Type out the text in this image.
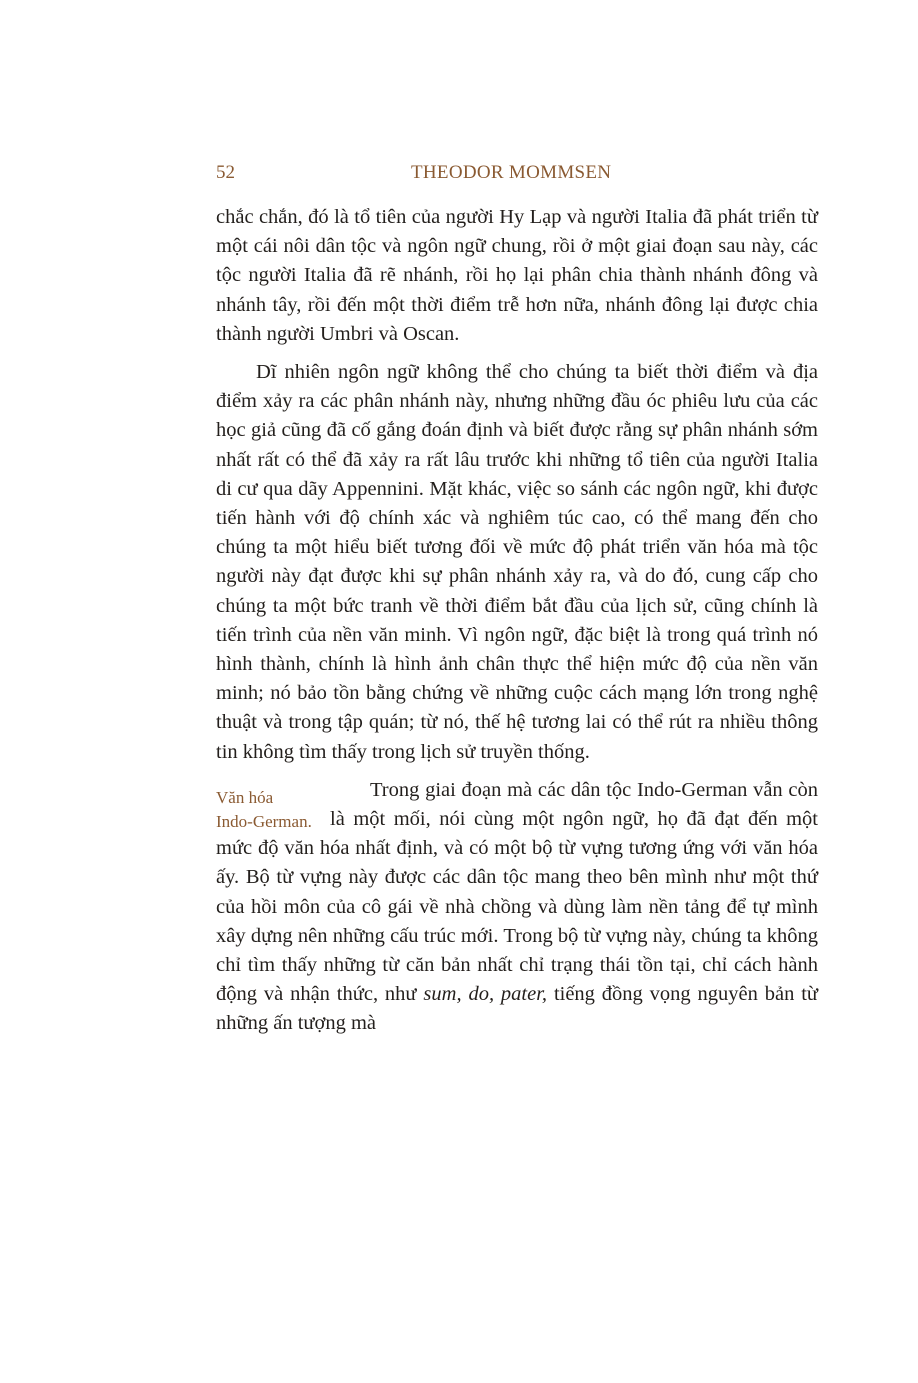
52	THEODOR MOMMSEN

chắc chắn, đó là tổ tiên của người Hy Lạp và người Italia đã phát triển từ một cái nôi dân tộc và ngôn ngữ chung, rồi ở một giai đoạn sau này, các tộc người Italia đã rẽ nhánh, rồi họ lại phân chia thành nhánh đông và nhánh tây, rồi đến một thời điểm trễ hơn nữa, nhánh đông lại được chia thành người Umbri và Oscan.

Dĩ nhiên ngôn ngữ không thể cho chúng ta biết thời điểm và địa điểm xảy ra các phân nhánh này, nhưng những đầu óc phiêu lưu của các học giả cũng đã cố gắng đoán định và biết được rằng sự phân nhánh sớm nhất rất có thể đã xảy ra rất lâu trước khi những tổ tiên của người Italia di cư qua dãy Appennini. Mặt khác, việc so sánh các ngôn ngữ, khi được tiến hành với độ chính xác và nghiêm túc cao, có thể mang đến cho chúng ta một hiểu biết tương đối về mức độ phát triển văn hóa mà tộc người này đạt được khi sự phân nhánh xảy ra, và do đó, cung cấp cho chúng ta một bức tranh về thời điểm bắt đầu của lịch sử, cũng chính là tiến trình của nền văn minh. Vì ngôn ngữ, đặc biệt là trong quá trình nó hình thành, chính là hình ảnh chân thực thể hiện mức độ của nền văn minh; nó bảo tồn bằng chứng về những cuộc cách mạng lớn trong nghệ thuật và trong tập quán; từ nó, thế hệ tương lai có thể rút ra nhiều thông tin không tìm thấy trong lịch sử truyền thống.

Văn hóa
Indo-German.
Trong giai đoạn mà các dân tộc Indo-German vẫn còn là một mối, nói cùng một ngôn ngữ, họ đã đạt đến một mức độ văn hóa nhất định, và có một bộ từ vựng tương ứng với văn hóa ấy. Bộ từ vựng này được các dân tộc mang theo bên mình như một thứ của hồi môn của cô gái về nhà chồng và dùng làm nền tảng để tự mình xây dựng nên những cấu trúc mới. Trong bộ từ vựng này, chúng ta không chỉ tìm thấy những từ căn bản nhất chỉ trạng thái tồn tại, chỉ cách hành động và nhận thức, như sum, do, pater, tiếng đồng vọng nguyên bản từ những ấn tượng mà
